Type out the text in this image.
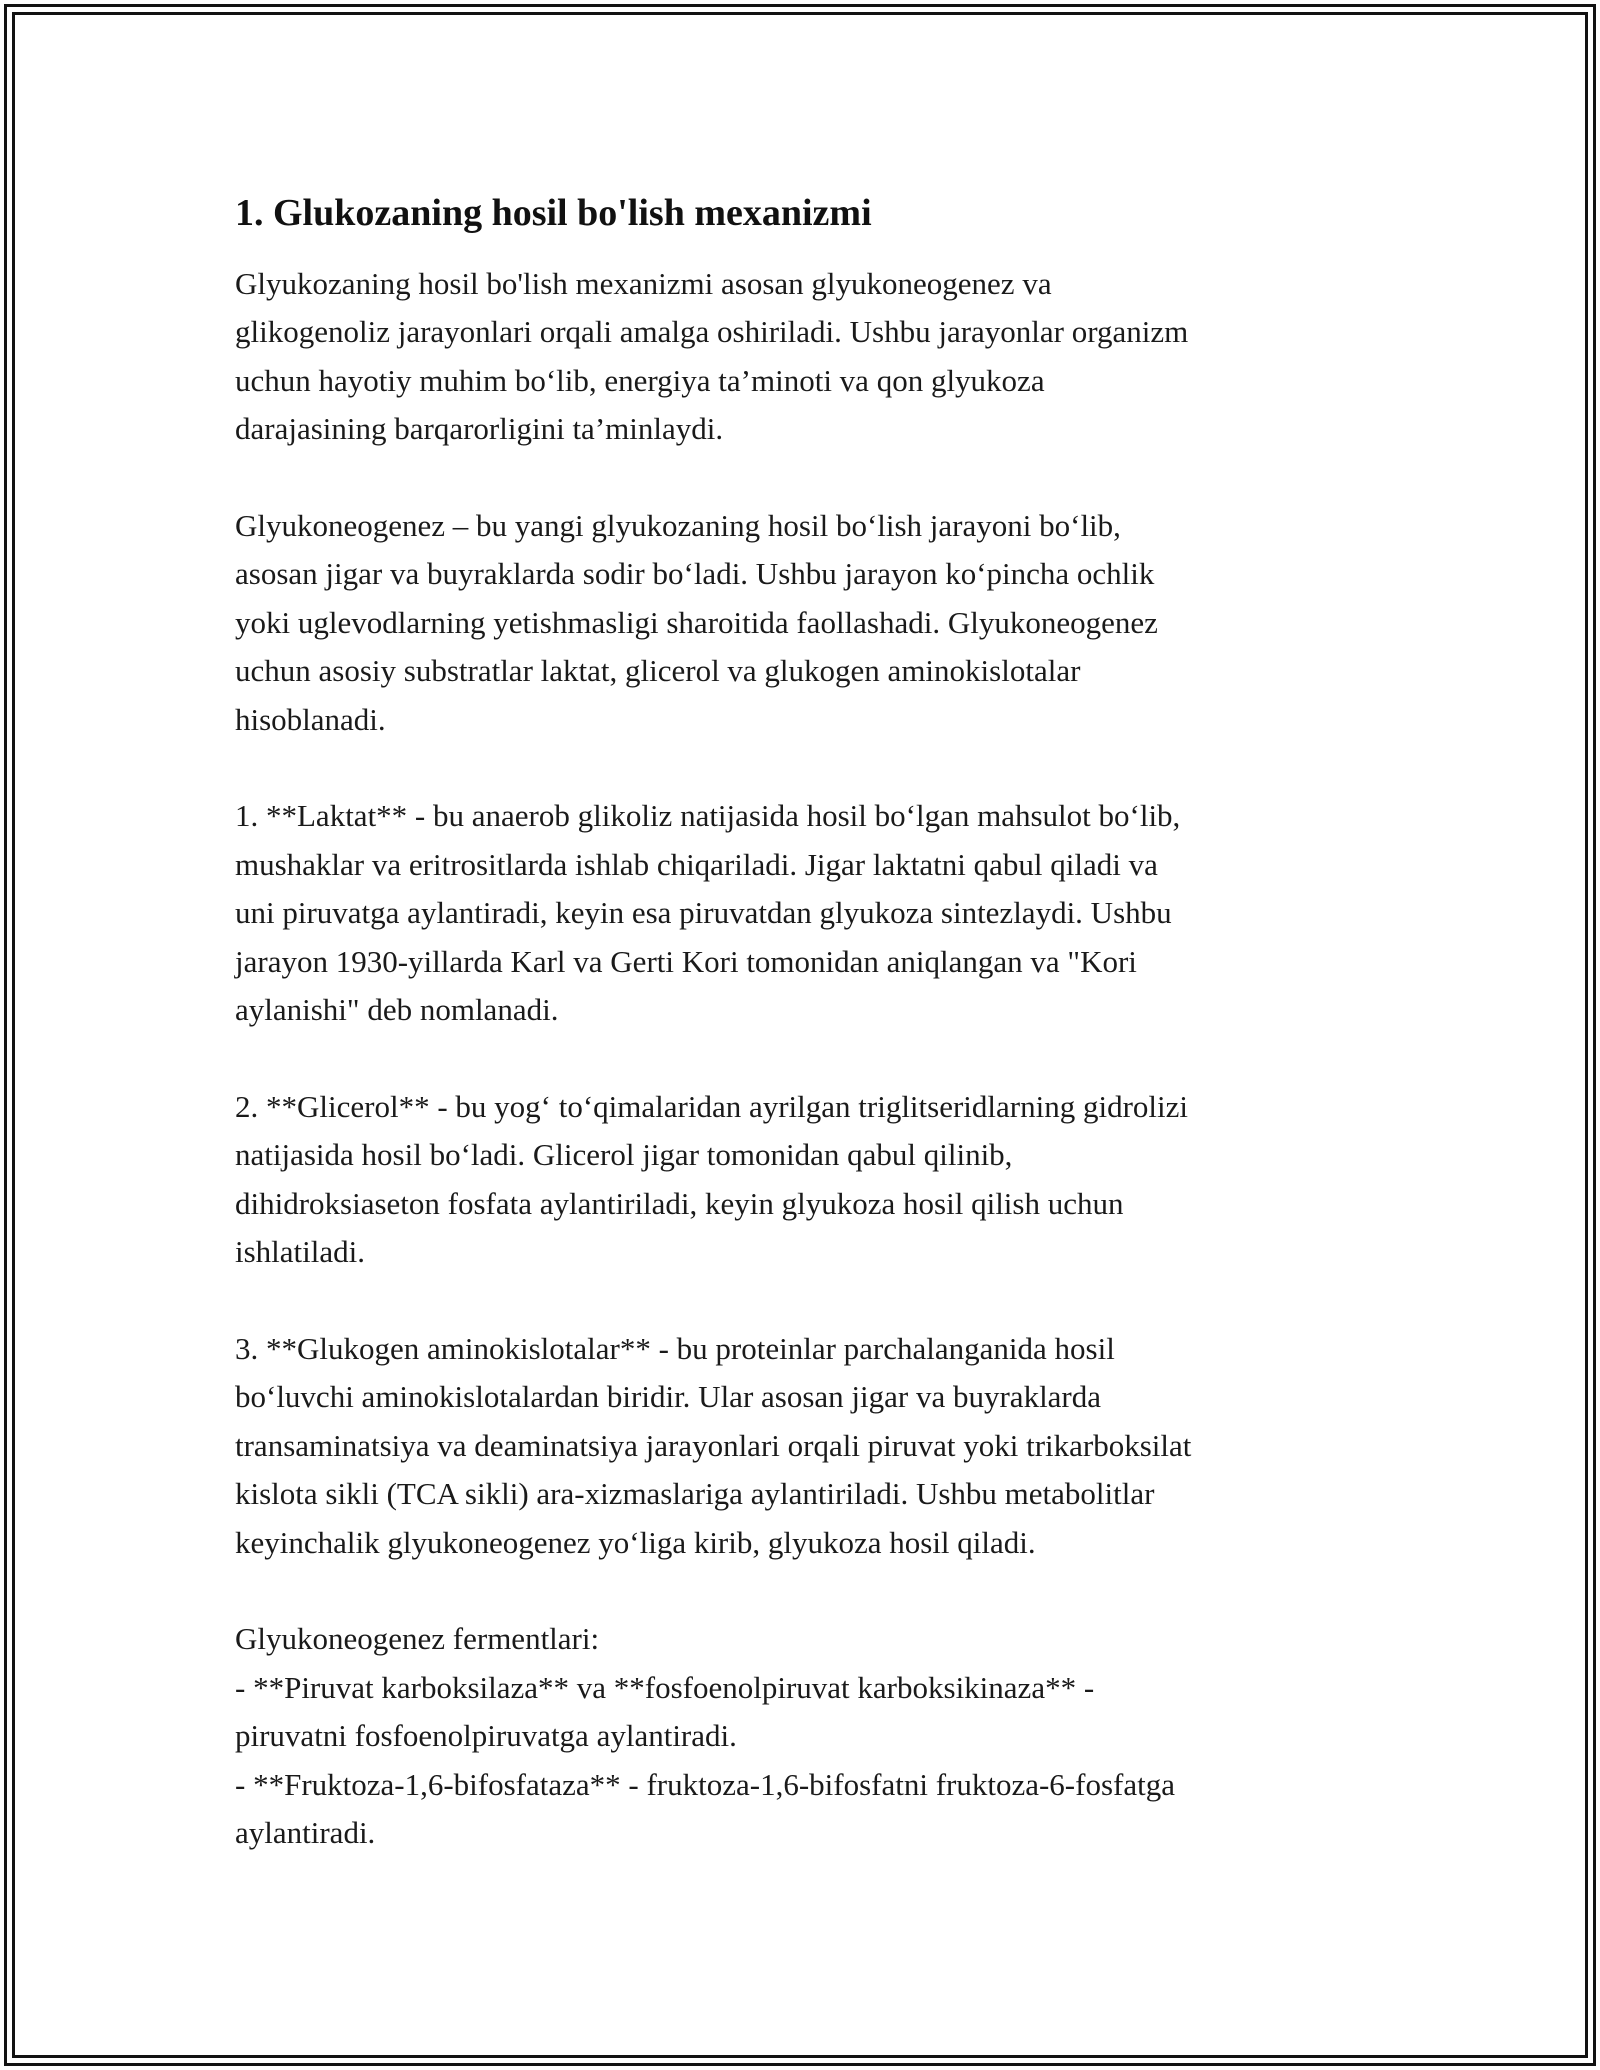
1. Glukozaning hosil bo'lish mexanizmi

Glyukozaning hosil bo'lish mexanizmi asosan glyukoneogenez va
glikogenoliz jarayonlari orqali amalga oshiriladi. Ushbu jarayonlar organizm
uchun hayotiy muhim bo‘lib, energiya ta’minoti va qon glyukoza
darajasining barqarorligini ta’minlaydi.

Glyukoneogenez – bu yangi glyukozaning hosil bo‘lish jarayoni bo‘lib,
asosan jigar va buyraklarda sodir bo‘ladi. Ushbu jarayon ko‘pincha ochlik
yoki uglevodlarning yetishmasligi sharoitida faollashadi. Glyukoneogenez
uchun asosiy substratlar laktat, glicerol va glukogen aminokislotalar
hisoblanadi.

1. **Laktat** - bu anaerob glikoliz natijasida hosil bo‘lgan mahsulot bo‘lib,
mushaklar va eritrositlarda ishlab chiqariladi. Jigar laktatni qabul qiladi va
uni piruvatga aylantiradi, keyin esa piruvatdan glyukoza sintezlaydi. Ushbu
jarayon 1930-yillarda Karl va Gerti Kori tomonidan aniqlangan va "Kori
aylanishi" deb nomlanadi.

2. **Glicerol** - bu yog‘ to‘qimalaridan ayrilgan triglitseridlarning gidrolizi
natijasida hosil bo‘ladi. Glicerol jigar tomonidan qabul qilinib,
dihidroksiaseton fosfata aylantiriladi, keyin glyukoza hosil qilish uchun
ishlatiladi.

3. **Glukogen aminokislotalar** - bu proteinlar parchalanganida hosil
bo‘luvchi aminokislotalardan biridir. Ular asosan jigar va buyraklarda
transaminatsiya va deaminatsiya jarayonlari orqali piruvat yoki trikarboksilat
kislota sikli (TCA sikli) ara-xizmaslariga aylantiriladi. Ushbu metabolitlar
keyinchalik glyukoneogenez yo‘liga kirib, glyukoza hosil qiladi.

Glyukoneogenez fermentlari:
- **Piruvat karboksilaza** va **fosfoenolpiruvat karboksikinaza** -
piruvatni fosfoenolpiruvatga aylantiradi.
- **Fruktoza-1,6-bifosfataza** - fruktoza-1,6-bifosfatni fruktoza-6-fosfatga
aylantiradi.
